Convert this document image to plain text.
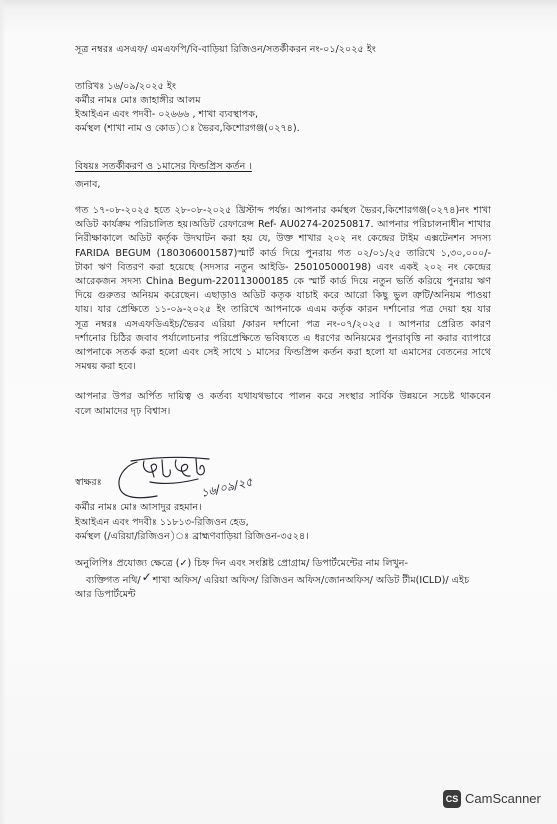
সূত্র নম্বরঃ এসএফ/ এমএফপি/বি-বাড়িয়া রিজিওন/সতর্কীকরন নং-০১/২০২৫ ইং
তারিখঃ ১৬/০৯/২০২৫ ইং
কর্মীর নামঃ মোঃ জাহাঙ্গীর আলম
ইআইএন এবং পদবী- ০২৬৬৬ , শাখা ব্যবস্থাপক,
কর্মস্থল (শাখা নাম ও কোড)ঃ ভৈরব,কিশোরগঞ্জ(০২৭৪).
বিষয়ঃ সতর্কীকরণ ও ১মাসের ফিন্ডপ্রিস কর্তন ।
জনাব,
গত ১৭-০৮-২০২৫ হতে ২৮-০৮-২০২৫ খ্রিস্টাব্দ পর্যন্ত। আপনার কর্মস্থল ভৈরব,কিশোরগঞ্জ(০২৭৪)নং শাখা
অডিট কার্যক্রম পরিচালিত হয়।অডিট রেফারেন্স Ref- AU0274-20250817. আপনার পরিচালনাধীন শাখার
নিরীক্ষাকালে অডিট কর্তৃক উদঘাটন করা হয় যে, উক্ত শাখার ২০২ নং কেন্দ্রের টাইম এক্সটেনশন সদস্য
FARIDA BEGUM (180306001587)স্মার্ট কার্ড দিয়ে পুনরায় গত ০২/০১/২৫ তারিখে ১,৩০,০০০/-
টাকা ঋণ বিতরণ করা হয়েছে (সদস্যর নতুন আইডি- 250105000198) এবং একই ২০২ নং কেন্দ্রের
আরেকজন সদস্য China Begum-220113000185 কে স্মার্ট কার্ড দিয়ে নতুন ভর্তি করিয়ে পুনরায় ঋণ
দিয়ে গুরুতর অনিয়ম করেছেন। এছাড়াও অডিট কতৃক যাচাই করে আরো কিছু ভুল ত্রুটি/অনিয়ম পাওয়া
যায়। যার প্রেক্ষিতে ১১-০৯-২০২৫ ইং তারিখে আপনাকে এএম কর্তৃক কারন দর্শানোর পত্র দেয়া হয় যার
সূত্র নম্বরঃ এসএফডিএইচ/ভৈরব এরিয়া /কারন দর্শানো পত্র নং-০৭/২০২৫ । আপনার প্রেরিত কারণ
দর্শানোর চিঠির জবাব পর্যালোচনার পরিপ্রেক্ষিতে ভবিষ্যতে এ ধরণের অনিয়মের পুনরাবৃত্তি না করার ব্যাপারে
আপনাকে সতর্ক করা হলো এবং সেই সাথে ১ মাসের ফিন্ডপ্রিন্স কর্তন করা হলো যা এমাসের বেতনের সাথে
সমন্বয় করা হবে।
আপনার উপর অর্পিত দায়িত্ব ও কর্তব্য যথাযথভাবে পালন করে সংস্থার সার্বিক উন্নয়নে সচেষ্ট থাকবেন
বলে আমাদের দৃঢ় বিশ্বাস।
স্বাক্ষরঃ	১৬/০৯/২৫
কর্মীর নামঃ মোঃ আসাদুর রহমান।
ইআইএন এবং পদবীঃ ১১৮১৩-রিজিওন হেড,
কর্মস্থল (/এরিয়া/রিজিওন)ঃ ব্রাহ্মণবাড়িয়া রিজিওন-৩৫২৪।
অনুলিপিঃ প্রযোজ্য ক্ষেত্রে (✓) চিহ্ন দিন এবং সংশ্লিষ্ট প্রোগ্রাম/ ডিপার্টমেন্টের নাম লিখুন-
ব্যক্তিগত নথি/✓শাখা অফিস/ এরিয়া অফিস/ রিজিওন অফিস/জোনঅফিস/ অডিট টীম(ICLD)/ এইচ
আর ডিপার্টমেন্ট
CS CamScanner
